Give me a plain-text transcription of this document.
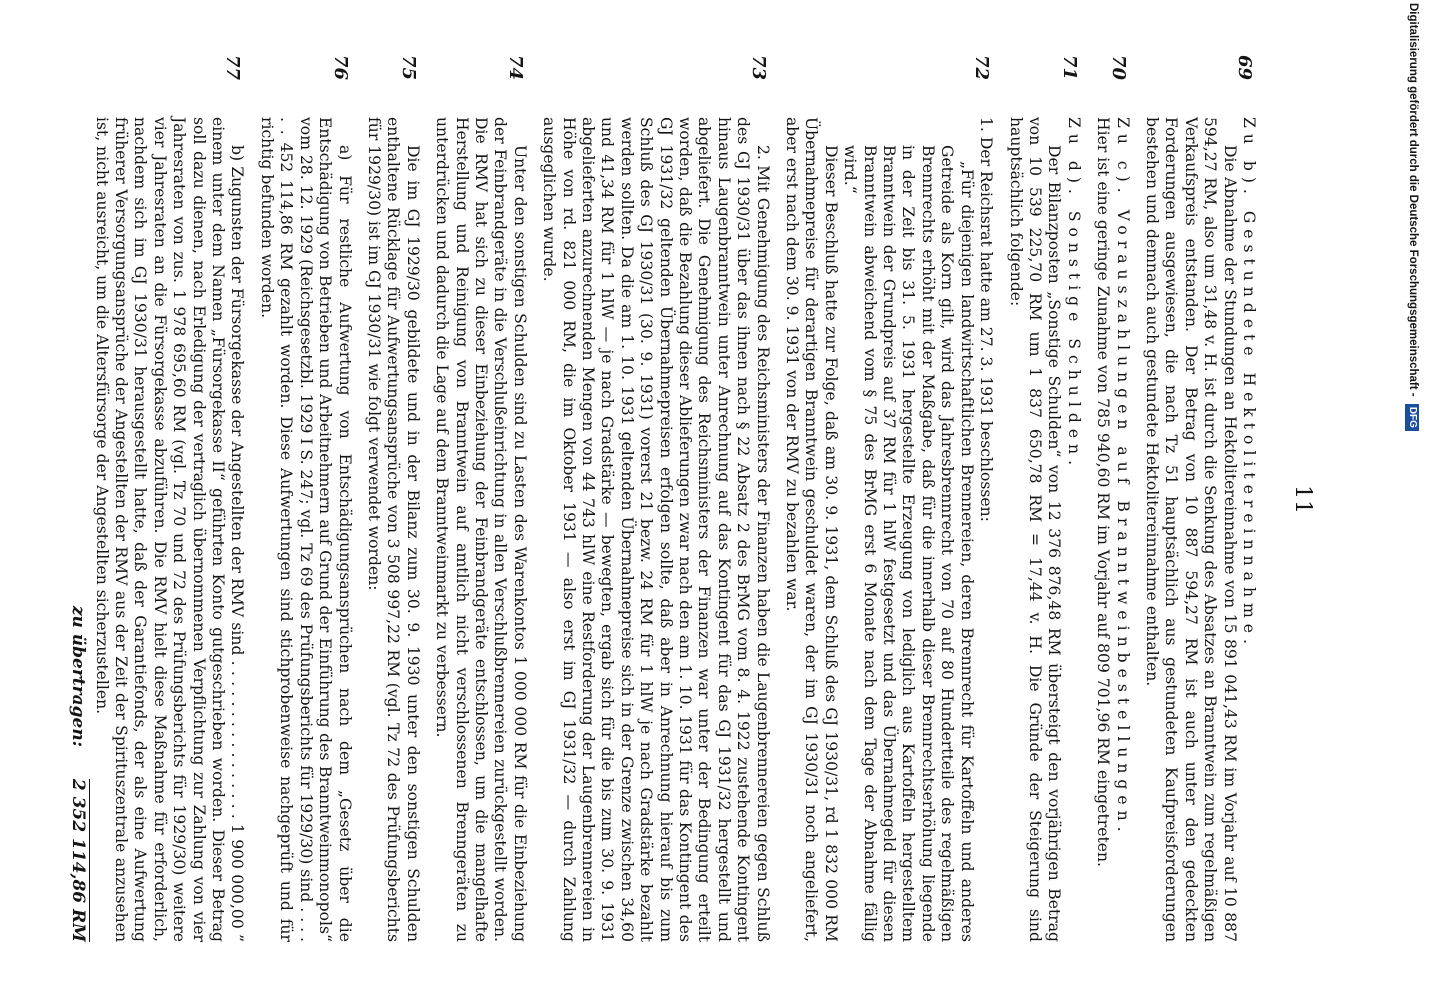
11
69

Zu b). Gestundete Hektolitereinnahme.

Die Abnahme der Stundungen an Hektolitereinnahme von 15 891 041,43 RM im Vorjahr auf 10 887 594,27 RM, also um 31,48 v. H. ist durch die Senkung des Absatzes an Branntwein zum regelmäßigen Verkaufspreis entstanden. Der Betrag von 10 887 594,27 RM ist auch unter den gedeckten Forderungen ausgewiesen, die nach Tz 51 hauptsächlich aus gestundeten Kaufpreisforderungen bestehen und demnach auch gestundete Hektolitereinnahme enthalten.

70

Zu c). Vorauszahlungen auf Branntweinbestellungen.

Hier ist eine geringe Zunahme von 785 940,60 RM im Vorjahr auf 809 701,96 RM eingetreten.

71

Zu d). Sonstige Schulden.

Der Bilanzposten „Sonstige Schulden“ von 12 376 876,48 RM übersteigt den vorjährigen Betrag von 10 539 225,70 RM um 1 837 650,78 RM = 17,44 v. H. Die Gründe der Steigerung sind hauptsächlich folgende:

72

1. Der Reichsrat hatte am 27. 3. 1931 beschlossen:

„Für diejenigen landwirtschaftlichen Brennereien, deren Brennrecht für Kartoffeln und anderes Getreide als Korn gilt, wird das Jahresbrennrecht von 70 auf 80 Hundertteile des regelmäßigen Brennrechts erhöht mit der Maßgabe, daß für die innerhalb dieser Brennrechtserhöhung liegende in der Zeit bis 31. 5. 1931 hergestellte Erzeugung von lediglich aus Kartoffeln hergestelltem Branntwein der Grundpreis auf 37 RM für 1 hlW festgesetzt und das Übernahmegeld für diesen Branntwein abweichend vom § 75 des BrMG erst 6 Monate nach dem Tage der Abnahme fällig wird.“

Dieser Beschluß hatte zur Folge, daß am 30. 9. 1931, dem Schluß des GJ 1930/31, rd 1 832 000 RM Übernahmepreise für derartigen Branntwein geschuldet waren, der im GJ 1930/31 noch angeliefert, aber erst nach dem 30. 9. 1931 von der RMV zu bezahlen war.

73

2. Mit Genehmigung des Reichsministers der Finanzen haben die Laugenbrennereien gegen Schluß des GJ 1930/31 über das ihnen nach § 22 Absatz 2 des BrMG vom 8. 4. 1922 zustehende Kontingent hinaus Laugenbranntwein unter Anrechnung auf das Kontingent für das GJ 1931/32 hergestellt und abgeliefert. Die Genehmigung des Reichsministers der Finanzen war unter der Bedingung erteilt worden, daß die Bezahlung dieser Ablieferungen zwar nach den am 1. 10. 1931 für das Kontingent des GJ 1931/32 geltenden Übernahmepreisen erfolgen sollte, daß aber in Anrechnung hierauf bis zum Schluß des GJ 1930/31 (30. 9. 1931) vorerst 21 bezw. 24 RM für 1 hlW je nach Gradstärke bezahlt werden sollten. Da die am 1. 10. 1931 geltenden Übernahmepreise sich in der Grenze zwischen 34,60 und 41,34 RM für 1 hlW — je nach Gradstärke — bewegten, ergab sich für die bis zum 30. 9. 1931 abgelieferten anzurechnenden Mengen von 44 743 hlW eine Restforderung der Laugenbrennereien in Höhe von rd. 821 000 RM, die im Oktober 1931 — also erst im GJ 1931/32 — durch Zahlung ausgeglichen wurde.

74

Unter den sonstigen Schulden sind zu Lasten des Warenkontos 1 000 000 RM für die Einbeziehung der Feinbrandgeräte in die Verschlußeinrichtung in allen Verschlußbrennereien zurückgestellt worden. Die RMV hat sich zu dieser Einbeziehung der Feinbrandgeräte entschlossen, um die mangelhafte Herstellung und Reinigung von Branntwein auf amtlich nicht verschlossenen Brenngeräten zu unterdrücken und dadurch die Lage auf dem Branntweinmarkt zu verbessern.

75

Die im GJ 1929/30 gebildete und in der Bilanz zum 30. 9. 1930 unter den sonstigen Schulden enthaltene Rücklage für Aufwertungsansprüche von 3 508 997,22 RM (vgl. Tz 72 des Prüfungsberichts für 1929/30) ist im GJ 1930/31 wie folgt verwendet worden:

76

a) Für restliche Aufwertung von Entschädigungsansprüchen nach dem „Gesetz über die Entschädigung von Betrieben und Arbeitnehmern auf Grund der Einführung des Branntweinmonopols“ vom 28. 12. 1929 (Reichsgesetzbl. 1929 I S. 247; vgl. Tz 69 des Prüfungsberichts für 1929/30) sind . . . . . . 452 114,86 RM gezahlt worden. Diese Aufwertungen sind stichprobenweise nachgeprüft und für richtig befunden worden.

77

b) Zugunsten der Fürsorgekasse der Angestellten der RMV sind . . . . . . . . . . . . . . . . 1 900 000,00 ” einem unter dem Namen „Fürsorgekasse II“ geführten Konto gutgeschrieben worden. Dieser Betrag soll dazu dienen, nach Erledigung der vertraglich übernommenen Verpflichtung zur Zahlung von vier Jahresraten von zus. 1 978 695,60 RM (vgl. Tz 70 und 72 des Prüfungsberichts für 1929/30) weitere vier Jahresraten an die Fürsorgekasse abzuführen. Die RMV hielt diese Maßnahme für erforderlich, nachdem sich im GJ 1930/31 herausgestellt hatte, daß der Garantiefonds, der als eine Aufwertung früherer Versorgungsansprüche der Angestellten der RMV aus der Zeit der Spirituszentrale anzusehen ist, nicht ausreicht, um die Altersfürsorge der Angestellten sicherzustellen.

zu übertragen: 2 352 114,86 RM
Digitalisierung gefördert durch die Deutsche Forschungsgemeinschaft - DFG
